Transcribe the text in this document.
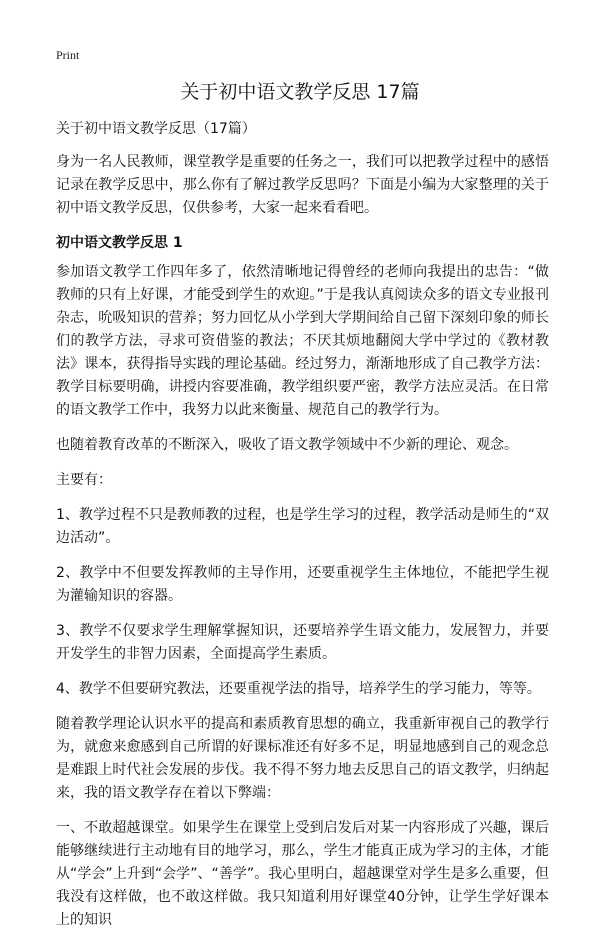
Print
关于初中语文教学反思 17篇

关于初中语文教学反思（17篇）

身为一名人民教师，课堂教学是重要的任务之一，我们可以把教学过程中的感悟记录在教学反思中，那么你有了解过教学反思吗？下面是小编为大家整理的关于初中语文教学反思，仅供参考，大家一起来看看吧。

初中语文教学反思 1

参加语文教学工作四年多了，依然清晰地记得曾经的老师向我提出的忠告：“做教师的只有上好课，才能受到学生的欢迎。”于是我认真阅读众多的语文专业报刊杂志，吮吸知识的营养；努力回忆从小学到大学期间给自己留下深刻印象的师长们的教学方法，寻求可资借鉴的教法；不厌其烦地翻阅大学中学过的《教材教法》课本，获得指导实践的理论基础。经过努力，渐渐地形成了自己教学方法：教学目标要明确，讲授内容要准确，教学组织要严密，教学方法应灵活。在日常的语文教学工作中，我努力以此来衡量、规范自己的教学行为。

也随着教育改革的不断深入，吸收了语文教学领域中不少新的理论、观念。

主要有：

1、教学过程不只是教师教的过程，也是学生学习的过程，教学活动是师生的“双边活动”。

2、教学中不但要发挥教师的主导作用，还要重视学生主体地位，不能把学生视为灌输知识的容器。

3、教学不仅要求学生理解掌握知识，还要培养学生语文能力，发展智力，并要开发学生的非智力因素，全面提高学生素质。

4、教学不但要研究教法，还要重视学法的指导，培养学生的学习能力，等等。

随着教学理论认识水平的提高和素质教育思想的确立，我重新审视自己的教学行为，就愈来愈感到自己所谓的好课标准还有好多不足，明显地感到自己的观念总是难跟上时代社会发展的步伐。我不得不努力地去反思自己的语文教学，归纳起来，我的语文教学存在着以下弊端：

一、不敢超越课堂。如果学生在课堂上受到启发后对某一内容形成了兴趣，课后能够继续进行主动地有目的地学习，那么，学生才能真正成为学习的主体，才能从“学会”上升到“会学”、“善学”。我心里明白，超越课堂对学生是多么重要，但我没有这样做，也不敢这样做。我只知道利用好课堂40分钟，让学生学好课本上的知识
